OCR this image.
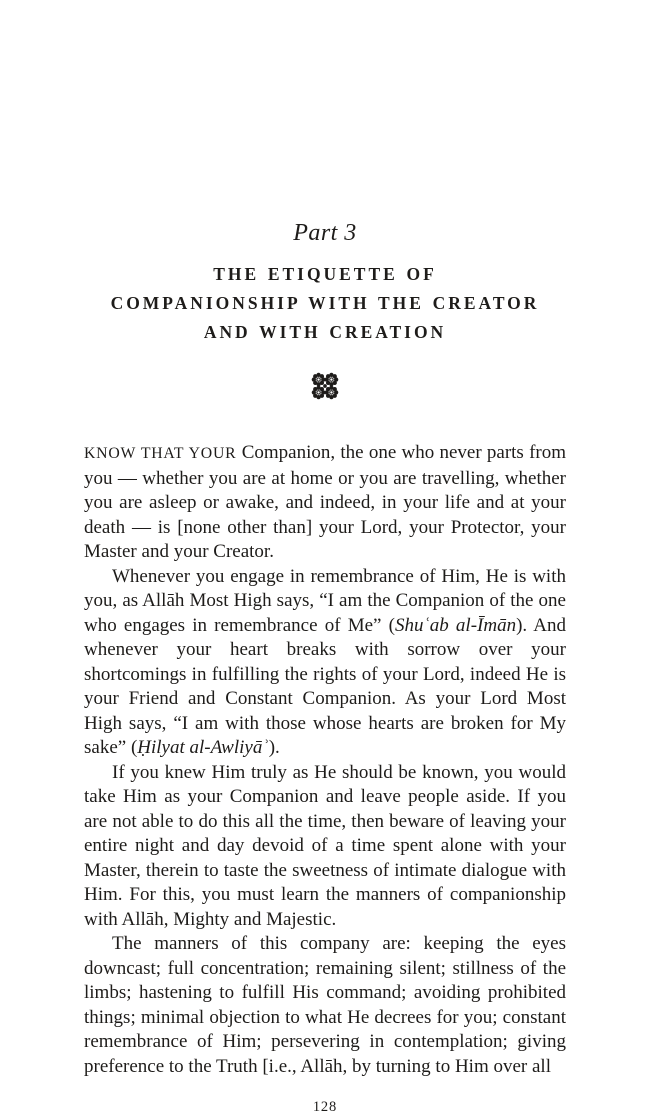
Part 3
THE ETIQUETTE OF
COMPANIONSHIP WITH THE CREATOR
AND WITH CREATION

KNOW THAT YOUR Companion, the one who never parts from you — whether you are at home or you are travelling, whether you are asleep or awake, and indeed, in your life and at your death — is [none other than] your Lord, your Protector, your Master and your Creator.

Whenever you engage in remembrance of Him, He is with you, as Allāh Most High says, “I am the Companion of the one who engages in remembrance of Me” (Shuʿab al-Īmān). And whenever your heart breaks with sorrow over your shortcomings in fulfilling the rights of your Lord, indeed He is your Friend and Constant Companion. As your Lord Most High says, “I am with those whose hearts are broken for My sake” (Ḥilyat al-Awliyāʾ).

If you knew Him truly as He should be known, you would take Him as your Companion and leave people aside. If you are not able to do this all the time, then beware of leaving your entire night and day devoid of a time spent alone with your Master, therein to taste the sweetness of intimate dialogue with Him. For this, you must learn the manners of companionship with Allāh, Mighty and Majestic.

The manners of this company are: keeping the eyes downcast; full concentration; remaining silent; stillness of the limbs; hastening to fulfill His command; avoiding prohibited things; minimal objection to what He decrees for you; constant remembrance of Him; persevering in contemplation; giving preference to the Truth [i.e., Allāh, by turning to Him over all

128
